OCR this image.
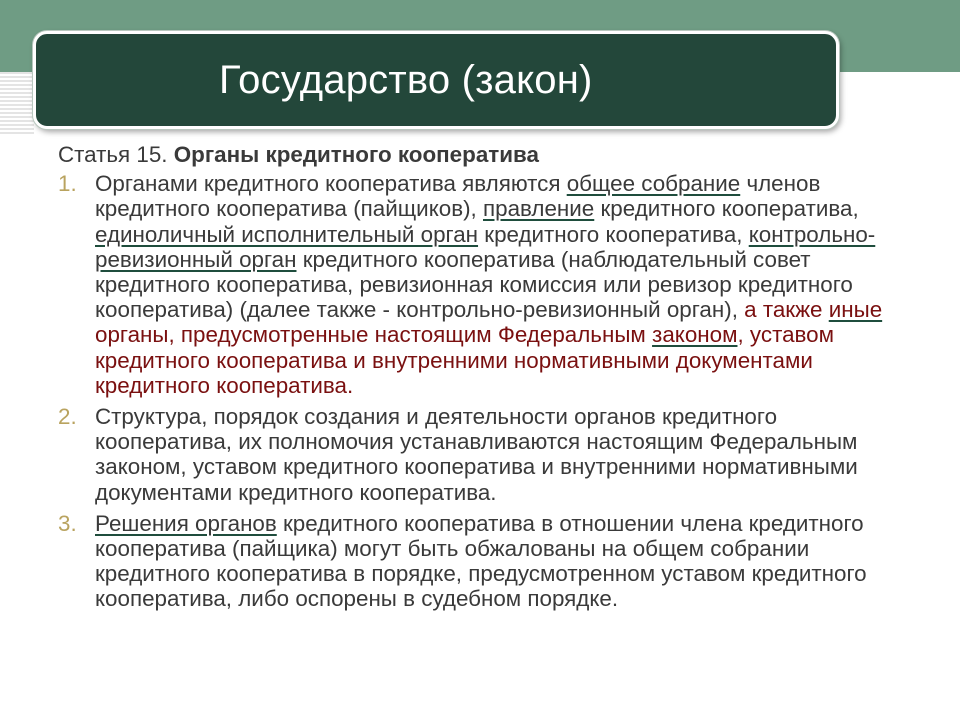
Государство (закон)
Статья 15. Органы кредитного кооператива
1. Органами кредитного кооператива являются общее собрание членов кредитного кооператива (пайщиков), правление кредитного кооператива, единоличный исполнительный орган кредитного кооператива, контрольно-ревизионный орган кредитного кооператива (наблюдательный совет кредитного кооператива, ревизионная комиссия или ревизор кредитного кооператива) (далее также - контрольно-ревизионный орган), а также иные органы, предусмотренные настоящим Федеральным законом, уставом кредитного кооператива и внутренними нормативными документами кредитного кооператива.
2. Структура, порядок создания и деятельности органов кредитного кооператива, их полномочия устанавливаются настоящим Федеральным законом, уставом кредитного кооператива и внутренними нормативными документами кредитного кооператива.
3. Решения органов кредитного кооператива в отношении члена кредитного кооператива (пайщика) могут быть обжалованы на общем собрании кредитного кооператива в порядке, предусмотренном уставом кредитного кооператива, либо оспорены в судебном порядке.
